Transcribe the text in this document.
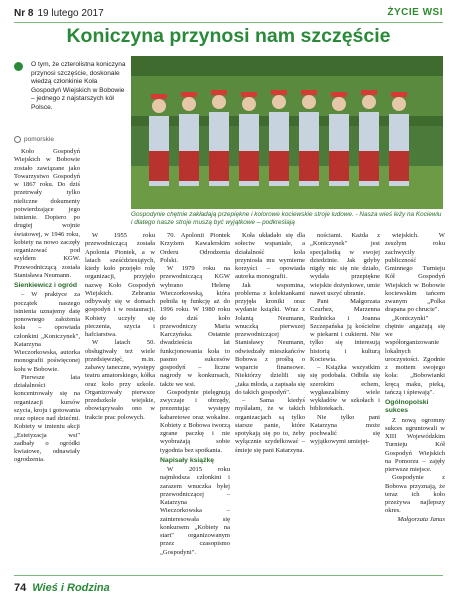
Nr 8 19 lutego 2017	ŻYCIE WSI
Koniczyna przynosi nam szczęście
O tym, że czterolistna koniczyna przynosi szczęście, doskonale wiedzą członkinie Koła Gospodyń Wiejskich w Bobowie – jednego z najstarszych kół Polsce.
pomorskie
Gospodynie chętnie zakładają przepiękne i kolorowe kociewskie stroje ludowe. - Nasza wieś leży na Kociewiu i dlatego nasze stroje muszą być wyjątkowe – podkreślają

Koło Gospodyń Wiejskich w Bobowie zostało zawiązane jako Towarzystwo Gospodyń w 1867 roku. Do dziś przetrwały tylko nieliczne dokumenty potwierdzające jego istnienie. Dopiero po drugiej wojnie światowej, w 1946 roku, kobiety na nowo zaczęły organizować pod szyldem KGW. Przewodniczącą została Stanisława Neumann.

Sienkiewicz i ogród

– W praktyce za początek naszego istnienia uznajemy datę ponownego założenia koła – opowiada członkini „Koniczynek", Katarzyna Wieczorkowska, autorka monografii poświęconej kołu w Bobowie.

Pierwsze lata działalności koncentrowały się na organizacji kursów szycia, kroju i gotowania oraz opiece nad dziećmi. Kobiety w imieniu akcji „Estetyzacja wsi" zadbały o ogródki kwiatowe, odnawiały ogrodzenia.

W 1955 roku przewodniczącą została Apolonia Piontek, a w latach sześćdziesiątych, kiedy koło przejęło rolę organizacji, przyjęło nazwę Koło Gospodyń Wiejskich. Zebrania odbywały się w domach gospodyń i w restauracji. Kobiety uczyły się pieczenia, szycia i hafciarstwa.

W latach 50. obsługiwały też wiele przedsięwzięć, m.in. zabawy taneczne, występy teatru amatorskiego, kółka oraz koło przy szkole. Organizowały pierwsze przedszkole wiejskie, obowiązywało ono w trakcie prac polowych.

70. Apolonii Piontek Krzyżem Kawalerskim Orderu Odrodzenia Polski.

W 1979 roku na przewodniczącą KGW wybrano Helenę Wieczorkowską, która pełniła tę funkcję aż do 1996 roku. W 1980 roku do dziś koło przewodniczy Maria Karczyńska. Ostatnie dwadzieścia lat funkcjonowania koła to pasmo sukcesów gospodyń – liczne nagrody w konkursach, także we wsi.

Gospodynie pielęgnują zwyczaje i obrzędy, prezentując występy kabaretowe oraz wokalne. Kobiety z Bobowa tworzą zgrane paczkę i nie wyobrażają sobie tygodnia bez spotkania.

Napisały książkę

W 2015 roku najmłodsza członkini i zarazem wnuczka byłej przewodniczącej – Katarzyna Wieczorkowska – zainteresowała się konkursem „Kobiety na start" organizowanym przez czasopismo „Gospodyni".

Koła układało się dla sołectw wspaniale, a działalność koła przyniosła mu wymierne korzyści – opowiada autorka monografii.

Jak wspomina, problema z kolektankami przyjęła kroniki oraz wydanie książki. Wraz z Jolantą Neumann, wnuczką pierwszej przewodniczącej Stanisławy Neumann, odwiedzały mieszkańców Bobowa z prośbą o wsparcie finansowe. Niektórzy dzielili się „taka młoda, a zapisała się do takich gospodyń".

– Sama kiedyś myślałam, że w takich organizacjach są tylko starsze panie, które spotykają się po to, żeby wyłącznie szydełkować – śmieje się pani Katarzyna.

nościami. Każda z „Koniczynek" jest specjalistką w swojej dziedzinie. Jak gdyby nigdy nic się nie działo, wydała przepiękne wiejskie dożynkowe, umie nawet uszyć ubranie.

Pani Małgorzata Czurhez, Marzenna Rudnicka i Joanna Szczepańska ją kościelne w piekarni i cukierni. Nie tylko się interesują historią i kulturą Kociewia.

– Książka wszystkim się podobała. Odbiła się szerokim echem, wygłaszaliśmy wiele wykładów w szkołach i bibliotekach.

Nie tylko pani Katarzyna może pochwalić się wyjątkowymi umiejęt-

wiejskich. W zeszłym roku zachwyciły publiczność Gminnego Turnieju Kół Gospodyń Wiejskich w Bobowie kociewskim tańcem zwanym „Polka drapana po chrucie".

„Koniczynki" chętnie angażują się we współorganizowanie lokalnych uroczystości. Zgodnie z mottem swojego koła: „Bobowianki kręcą maku, pieką, tańczą i śpiewają".

Ogólnopolski sukces

Z nową ogromny sukces ugruntowali w XIII Wojewódzkim Turnieju Kół Gospodyń Wiejskich na Pomorzu – zajęły pierwsze miejsce.

Gospodynie z Bobowa przyznają, że teraz ich koło przeżywa najlepszy okres.

Małgorzata Janus

74 Wieś i Rodzina
